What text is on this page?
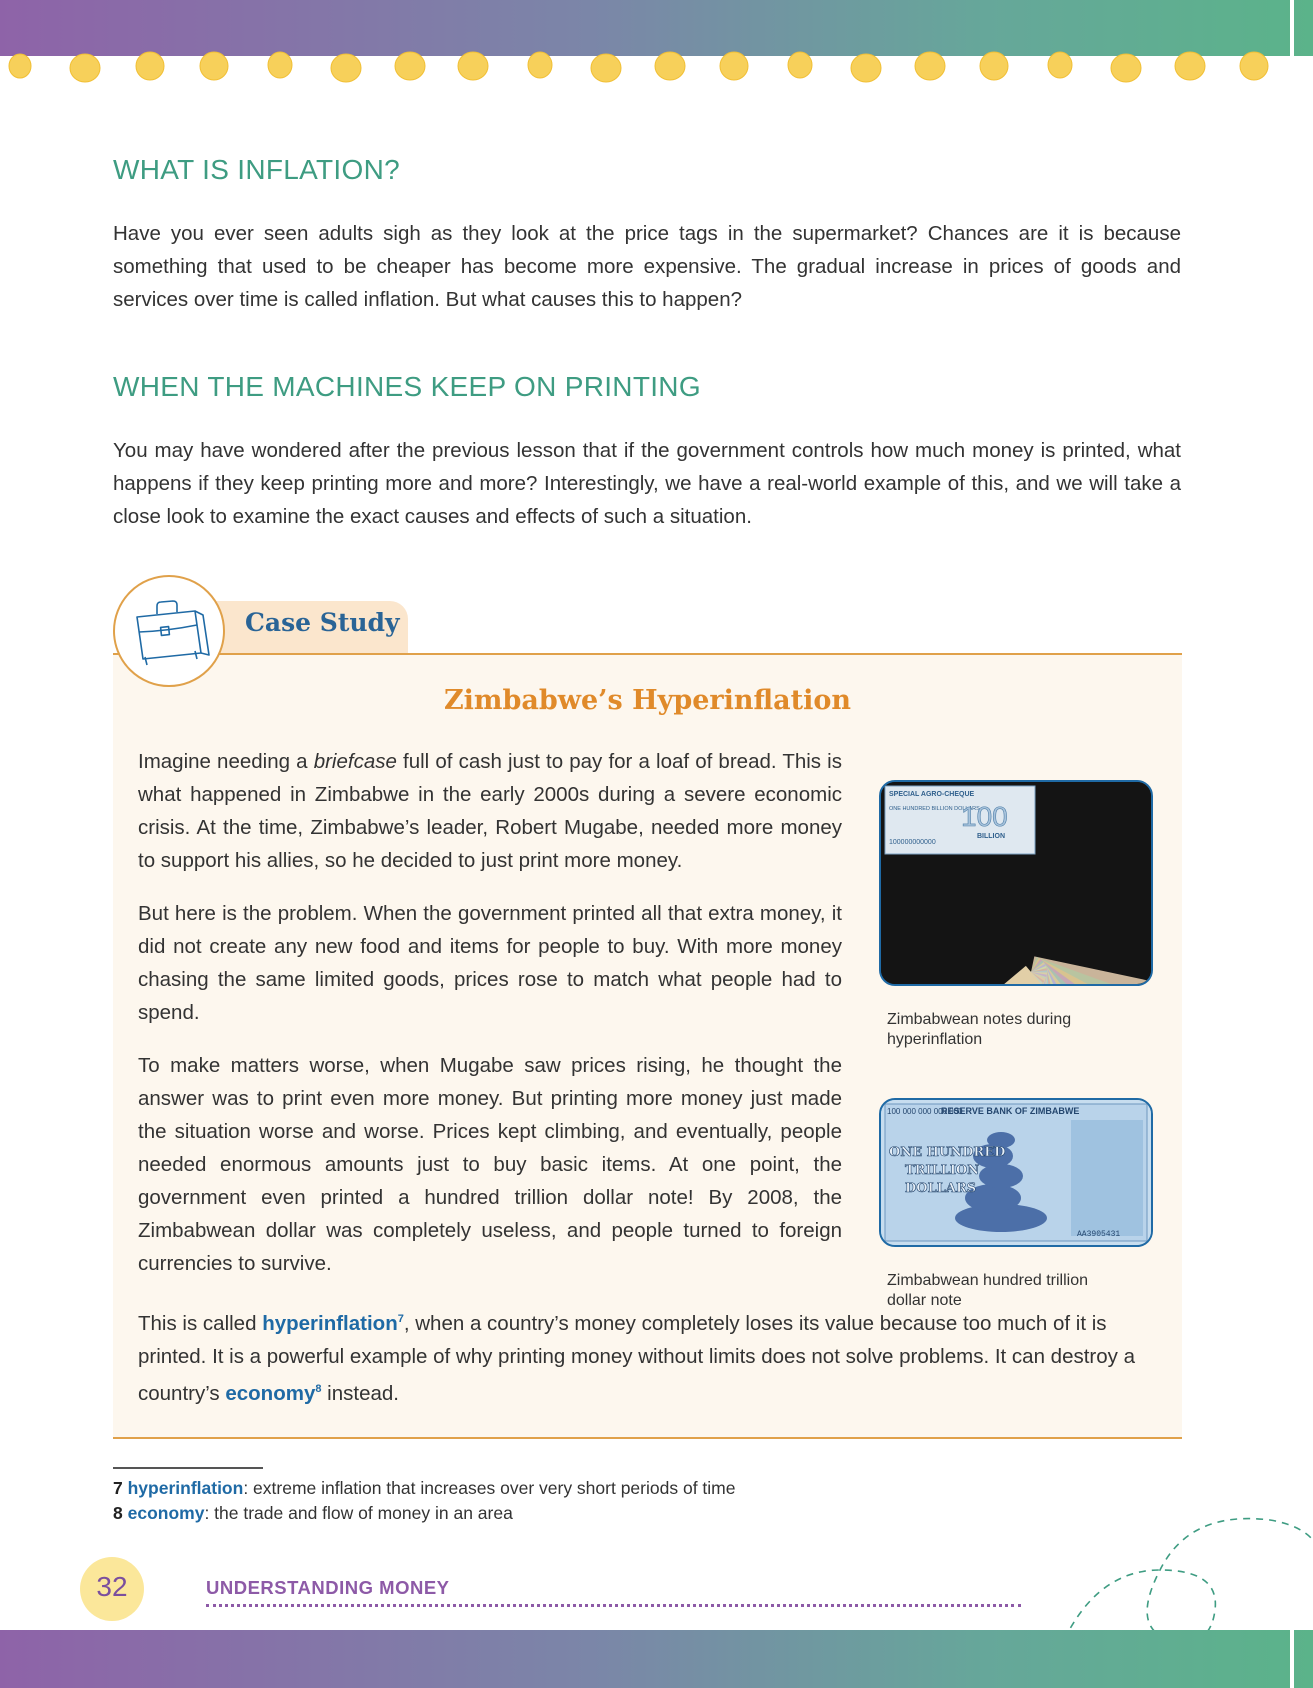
WHAT IS INFLATION?

Have you ever seen adults sigh as they look at the price tags in the supermarket? Chances are it is because something that used to be cheaper has become more expensive. The gradual increase in prices of goods and services over time is called inflation. But what causes this to happen?

WHEN THE MACHINES KEEP ON PRINTING

You may have wondered after the previous lesson that if the government controls how much money is printed, what happens if they keep printing more and more? Interestingly, we have a real-world example of this, and we will take a close look to examine the exact causes and effects of such a situation.

Case Study
Zimbabwe’s Hyperinflation

Imagine needing a briefcase full of cash just to pay for a loaf of bread. This is what happened in Zimbabwe in the early 2000s during a severe economic crisis. At the time, Zimbabwe’s leader, Robert Mugabe, needed more money to support his allies, so he decided to just print more money.

But here is the problem. When the government printed all that extra money, it did not create any new food and items for people to buy. With more money chasing the same limited goods, prices rose to match what people had to spend.

To make matters worse, when Mugabe saw prices rising, he thought the answer was to print even more money. But printing more money just made the situation worse and worse. Prices kept climbing, and eventually, people needed enormous amounts just to buy basic items. At one point, the government even printed a hundred trillion dollar note! By 2008, the Zimbabwean dollar was completely useless, and people turned to foreign currencies to survive.

This is called hyperinflation$^7$, when a country’s money completely loses its value because too much of it is printed. It is a powerful example of why printing money without limits does not solve problems. It can destroy a country’s economy$^8$ instead.

SPECIAL AGRO-CHEQUE
ONE HUNDRED BILLION DOLLARS
100
BILLION
100000000000

Zimbabwean notes during hyperinflation

100 000 000 000 000
RESERVE BANK OF ZIMBABWE
ONE HUNDRED
TRILLION
DOLLARS
AA3905431

Zimbabwean hundred trillion dollar note

7 hyperinflation: extreme inflation that increases over very short periods of time

8 economy: the trade and flow of money in an area

32	UNDERSTANDING MONEY
